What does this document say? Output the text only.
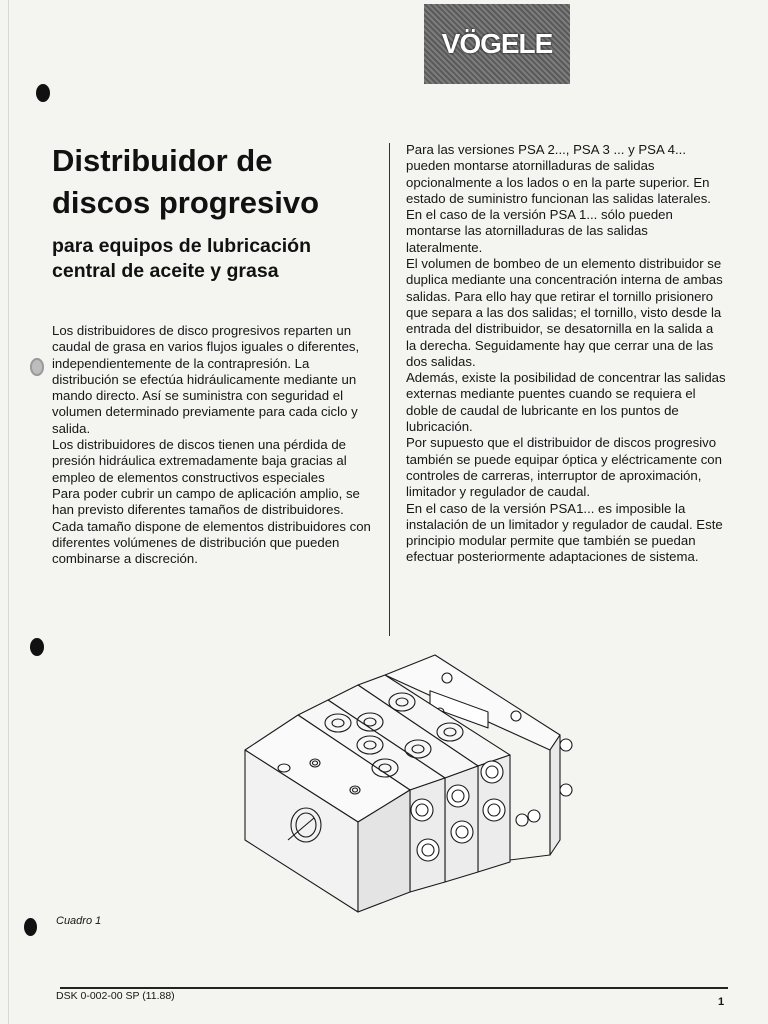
VÖGELE
Distribuidor de discos progresivo
para equipos de lubricación central de aceite y grasa

Los distribuidores de disco progresivos reparten un caudal de grasa en varios flujos iguales o diferentes, independientemente de la contrapresión. La distribución se efectúa hidráulicamente mediante un mando directo. Así se suministra con seguridad el volumen determinado previamente para cada ciclo y salida.

Los distribuidores de discos tienen una pérdida de presión hidráulica extremadamente baja gracias al empleo de elementos constructivos especiales

Para poder cubrir un campo de aplicación amplio, se han previsto diferentes tamaños de distribuidores.

Cada tamaño dispone de elementos distribuidores con diferentes volúmenes de distribución que pueden combinarse a discreción.

Para las versiones PSA 2..., PSA 3 ... y PSA 4... pueden montarse atornilladuras de salidas opcionalmente a los lados o en la parte superior. En estado de suministro funcionan las salidas laterales.

En el caso de la versión PSA 1... sólo pueden montarse las atornilladuras de las salidas lateralmente.

El volumen de bombeo de un elemento distribuidor se duplica mediante una concentración interna de ambas salidas. Para ello hay que retirar el tornillo prisionero que separa a las dos salidas; el tornillo, visto desde la entrada del distribuidor, se desatornilla en la salida a la derecha. Seguidamente hay que cerrar una de las dos salidas.

Además, existe la posibilidad de concentrar las salidas externas mediante puentes cuando se requiera el doble de caudal de lubricante en los puntos de lubricación.

Por supuesto que el distribuidor de discos progresivo también se puede equipar óptica y eléctricamente con controles de carreras, interruptor de aproximación, limitador y regulador de caudal.

En el caso de la versión PSA1... es imposible la instalación de un limitador y regulador de caudal. Este principio modular permite que también se puedan efectuar posteriormente adaptaciones de sistema.

Cuadro 1
DSK 0-002-00 SP (11.88)	1
